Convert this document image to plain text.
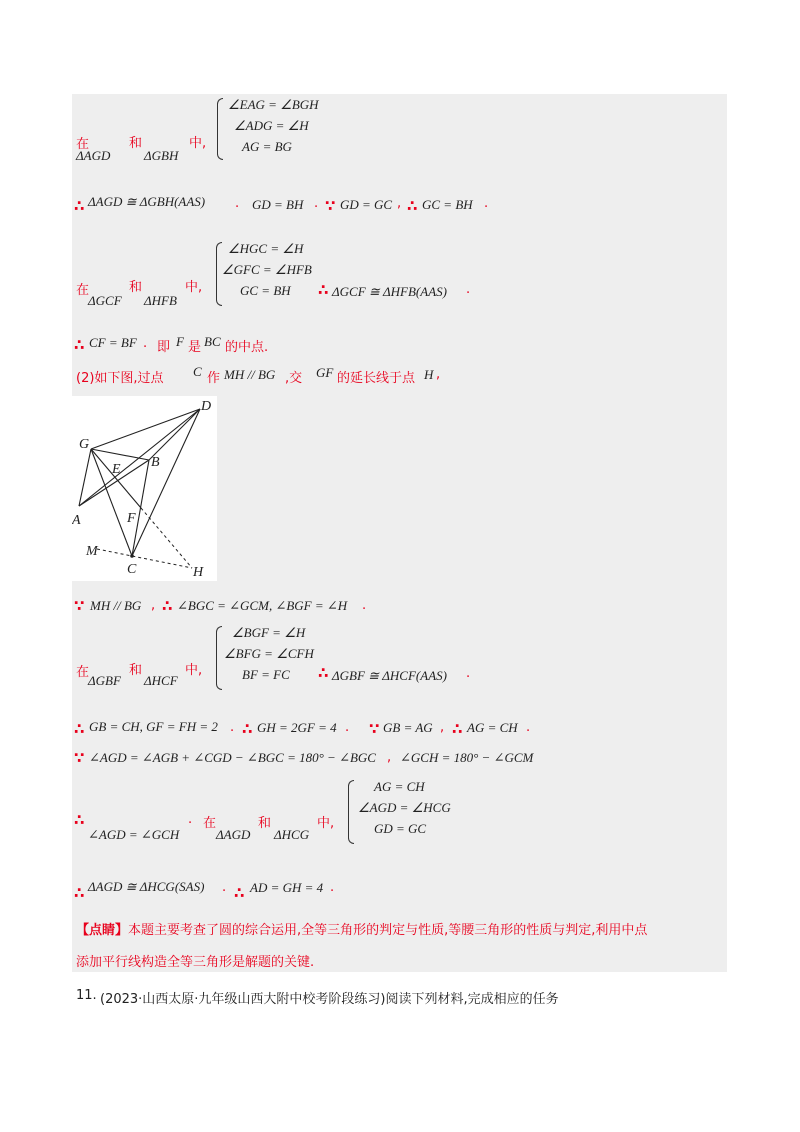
在
ΔAGD
和
ΔGBH
中,
∠EAG = ∠BGH
∠ADG = ∠H
AG = BG
∴ ΔAGD ≅ ΔGBH(AAS) . GD = BH . ∵ GD = GC , ∴ GC = BH .
在
ΔGCF
和
ΔHFB
中,
∠HGC = ∠H
∠GFC = ∠HFB
GC = BH	∴ ΔGCF ≅ ΔHFB(AAS) .
∴ CF = BF . 即 F 是 BC 的中点.
(2)如下图,过点 C 作 MH // BG ,交 GF 的延长线于点 H ,
D
G
B
E
A	F
M
C	H
∵ MH // BG , ∴ ∠BGC = ∠GCM, ∠BGF = ∠H .
在
ΔGBF
和
ΔHCF
中,
∠BGF = ∠H
∠BFG = ∠CFH
BF = FC	∴ ΔGBF ≅ ΔHCF(AAS) .
∴ GB = CH, GF = FH = 2 . ∴ GH = 2GF = 4 . ∵ GB = AG , ∴ AG = CH .
∵ ∠AGD = ∠AGB + ∠CGD − ∠BGC = 180° − ∠BGC , ∠GCH = 180° − ∠GCM
∴
∠AGD = ∠GCH
. 在
ΔAGD
和
ΔHCG
中,
AG = CH
∠AGD = ∠HCG
GD = GC
∴ ΔAGD ≅ ΔHCG(SAS) . ∴ AD = GH = 4 .
【点睛】本题主要考查了圆的综合运用,全等三角形的判定与性质,等腰三角形的性质与判定,利用中点
添加平行线构造全等三角形是解题的关键.
11. (2023·山西太原·九年级山西大附中校考阶段练习)阅读下列材料,完成相应的任务
